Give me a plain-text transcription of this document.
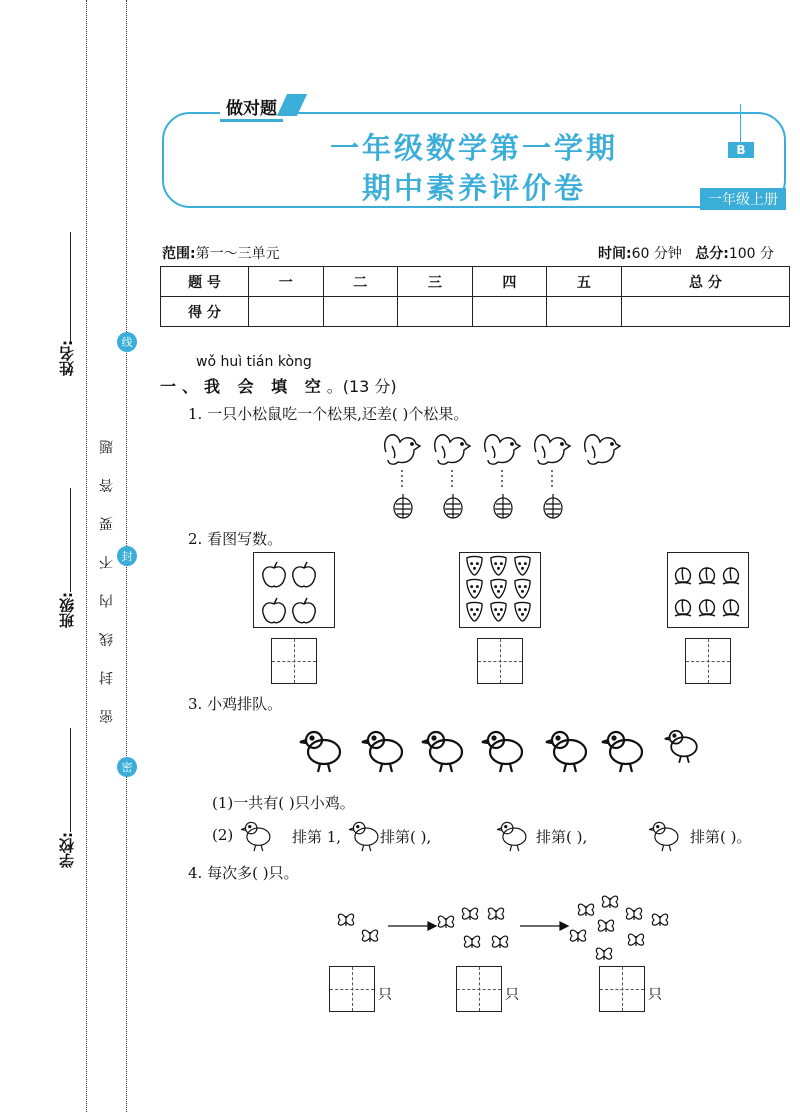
姓名:
班级:
学校:
密 封 线 内 不 要 答 题
线
封
密
做对题
一年级数学第一学期
期中素养评价卷
B
一年级上册
范围:第一～三单元	时间:60 分钟 总分:100 分
题 号	一	二	三	四	五	总 分
得 分						
wǒ huì tián kòng
一、我 会 填 空。(13 分)
1. 一只小松鼠吃一个松果,还差( )个松果。
2. 看图写数。
3. 小鸡排队。
(1)一共有( )只小鸡。
(2)	排第 1,	排第( ),	排第( ),	排第( )。
4. 每次多( )只。
只	只	只
